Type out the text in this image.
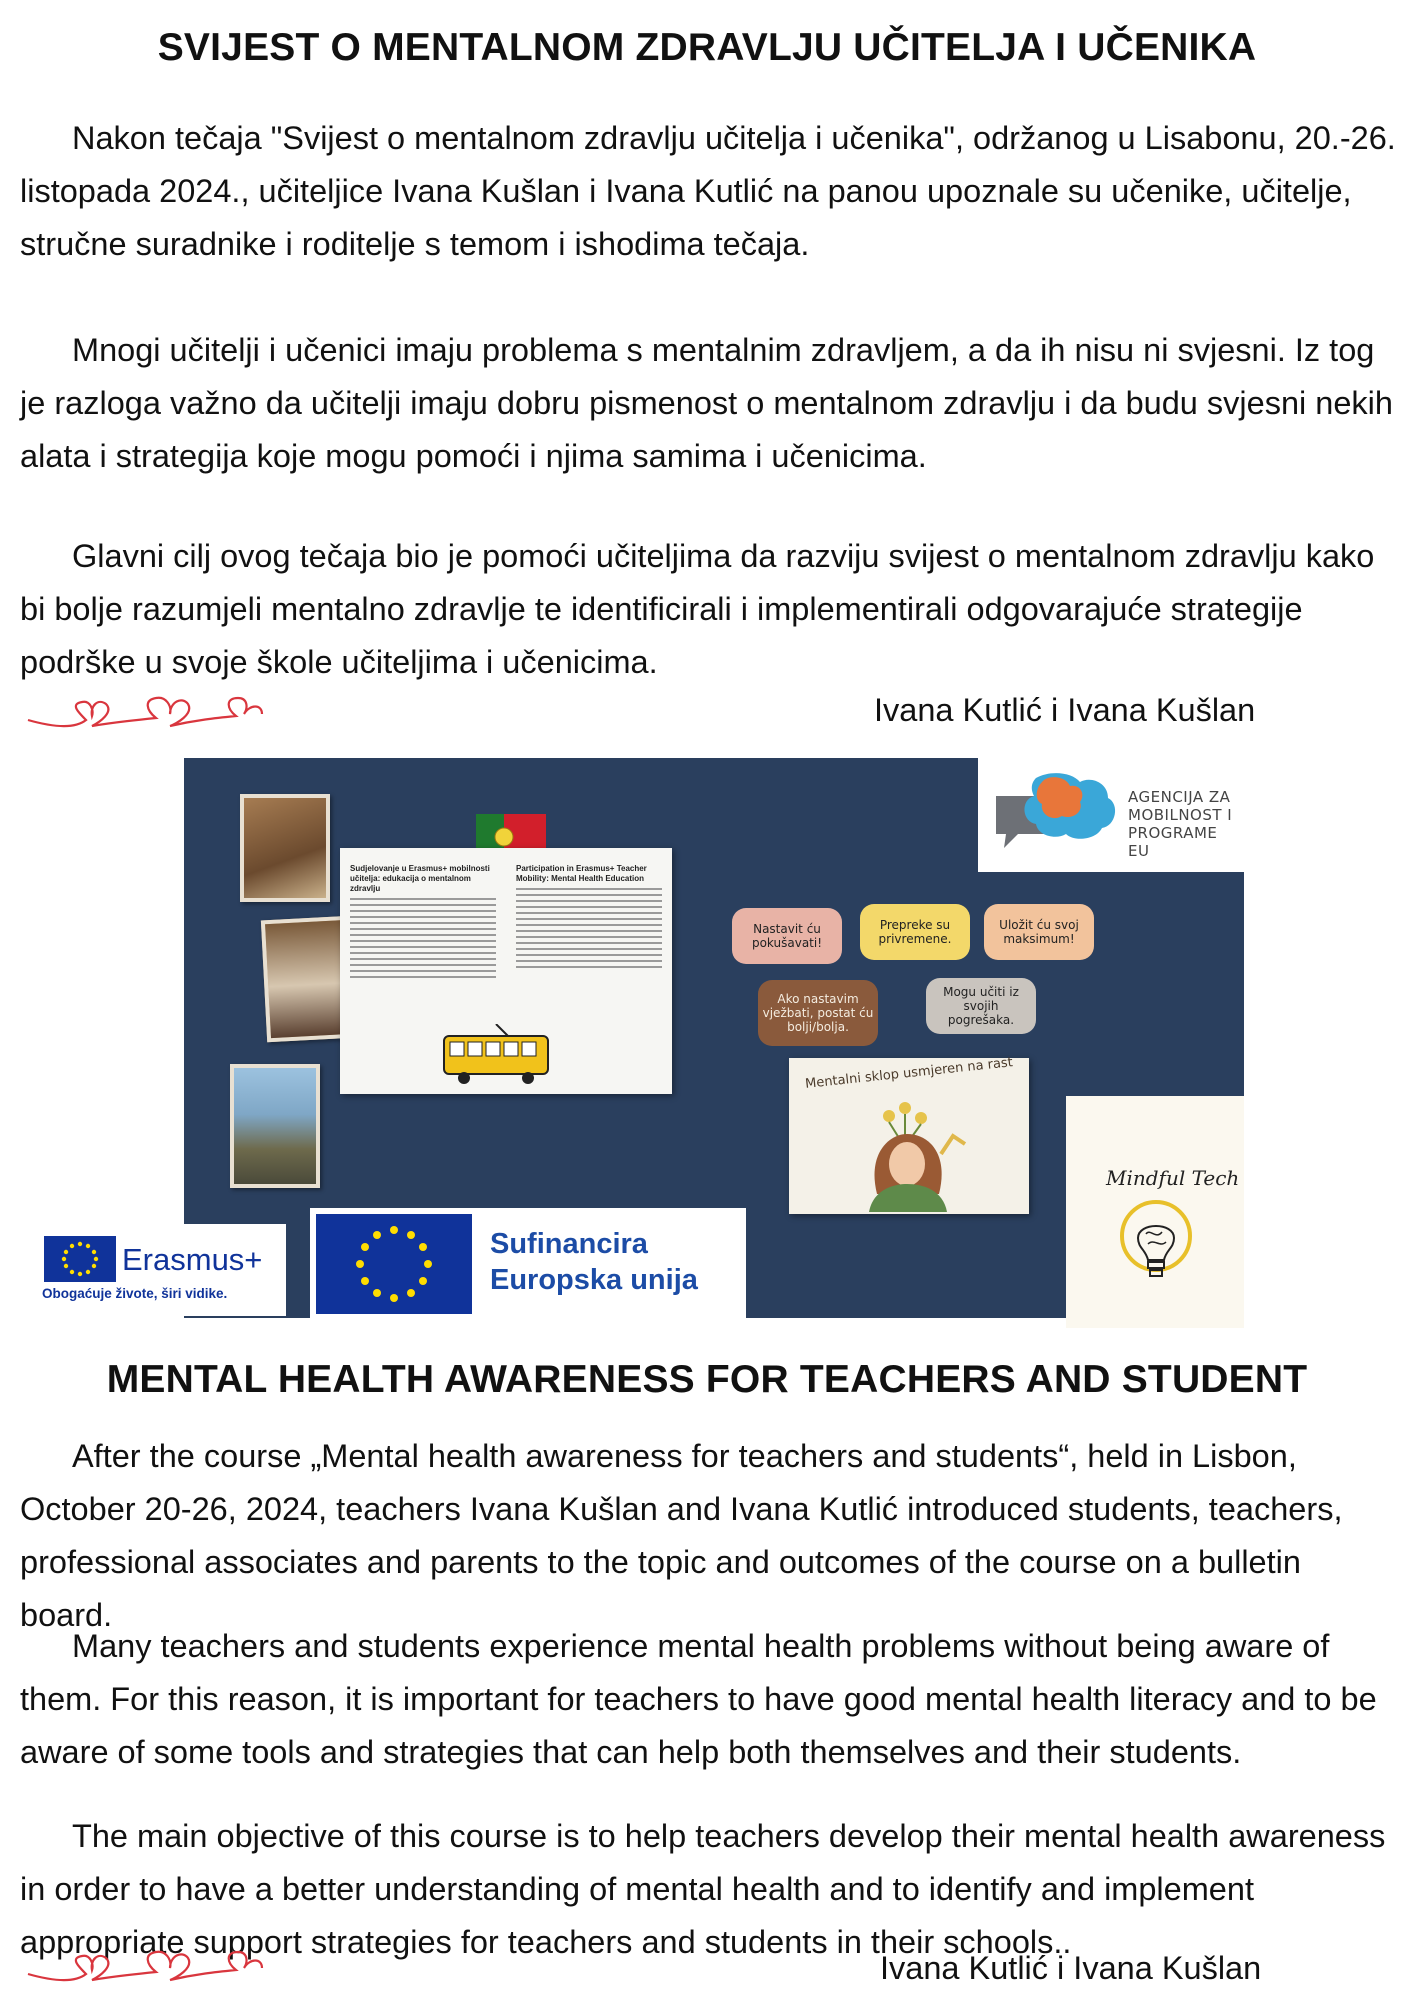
SVIJEST O MENTALNOM ZDRAVLJU UČITELJA I UČENIKA

Nakon tečaja "Svijest o mentalnom zdravlju učitelja i učenika", održanog u Lisabonu, 20.-26. listopada 2024., učiteljice Ivana Kušlan i Ivana Kutlić na panou upoznale su učenike, učitelje, stručne suradnike i roditelje s temom i ishodima tečaja.

Mnogi učitelji i učenici imaju problema s mentalnim zdravljem, a da ih nisu ni svjesni. Iz tog je razloga važno da učitelji imaju dobru pismenost o mentalnom zdravlju i da budu svjesni nekih alata i strategija koje mogu pomoći i njima samima i učenicima.

Glavni cilj ovog tečaja bio je pomoći učiteljima da razviju svijest o mentalnom zdravlju kako bi bolje razumjeli mentalno zdravlje te identificirali i implementirali odgovarajuće strategije podrške u svoje škole učiteljima i učenicima.

Ivana Kutlić i Ivana Kušlan

Sudjelovanje u Erasmus+ mobilnosti učitelja: edukacija o mentalnom zdravlju
Participation in Erasmus+ Teacher Mobility: Mental Health Education
Nastavit ću pokušavati!
Prepreke su privremene.
Uložit ću svoj maksimum!
Ako nastavim vježbati, postat ću bolji/bolja.
Mogu učiti iz svojih pogrešaka.
Mentalni sklop usmjeren na rast
AGENCIJA ZA
MOBILNOST I
PROGRAME EU
Mindful Tech
Erasmus+
Obogaćuje živote, širi vidike.
Sufinancira
Europska unija
MENTAL HEALTH AWARENESS FOR TEACHERS AND STUDENT

After the course „Mental health awareness for teachers and students“, held in Lisbon, October 20-26, 2024, teachers Ivana Kušlan and Ivana Kutlić introduced students, teachers, professional associates and parents to the topic and outcomes of the course on a bulletin board.

Many teachers and students experience mental health problems without being aware of them. For this reason, it is important for teachers to have good mental health literacy and to be aware of some tools and strategies that can help both themselves and their students.

The main objective of this course is to help teachers develop their mental health awareness in order to have a better understanding of mental health and to identify and implement appropriate support strategies for teachers and students in their schools..

Ivana Kutlić i Ivana Kušlan
